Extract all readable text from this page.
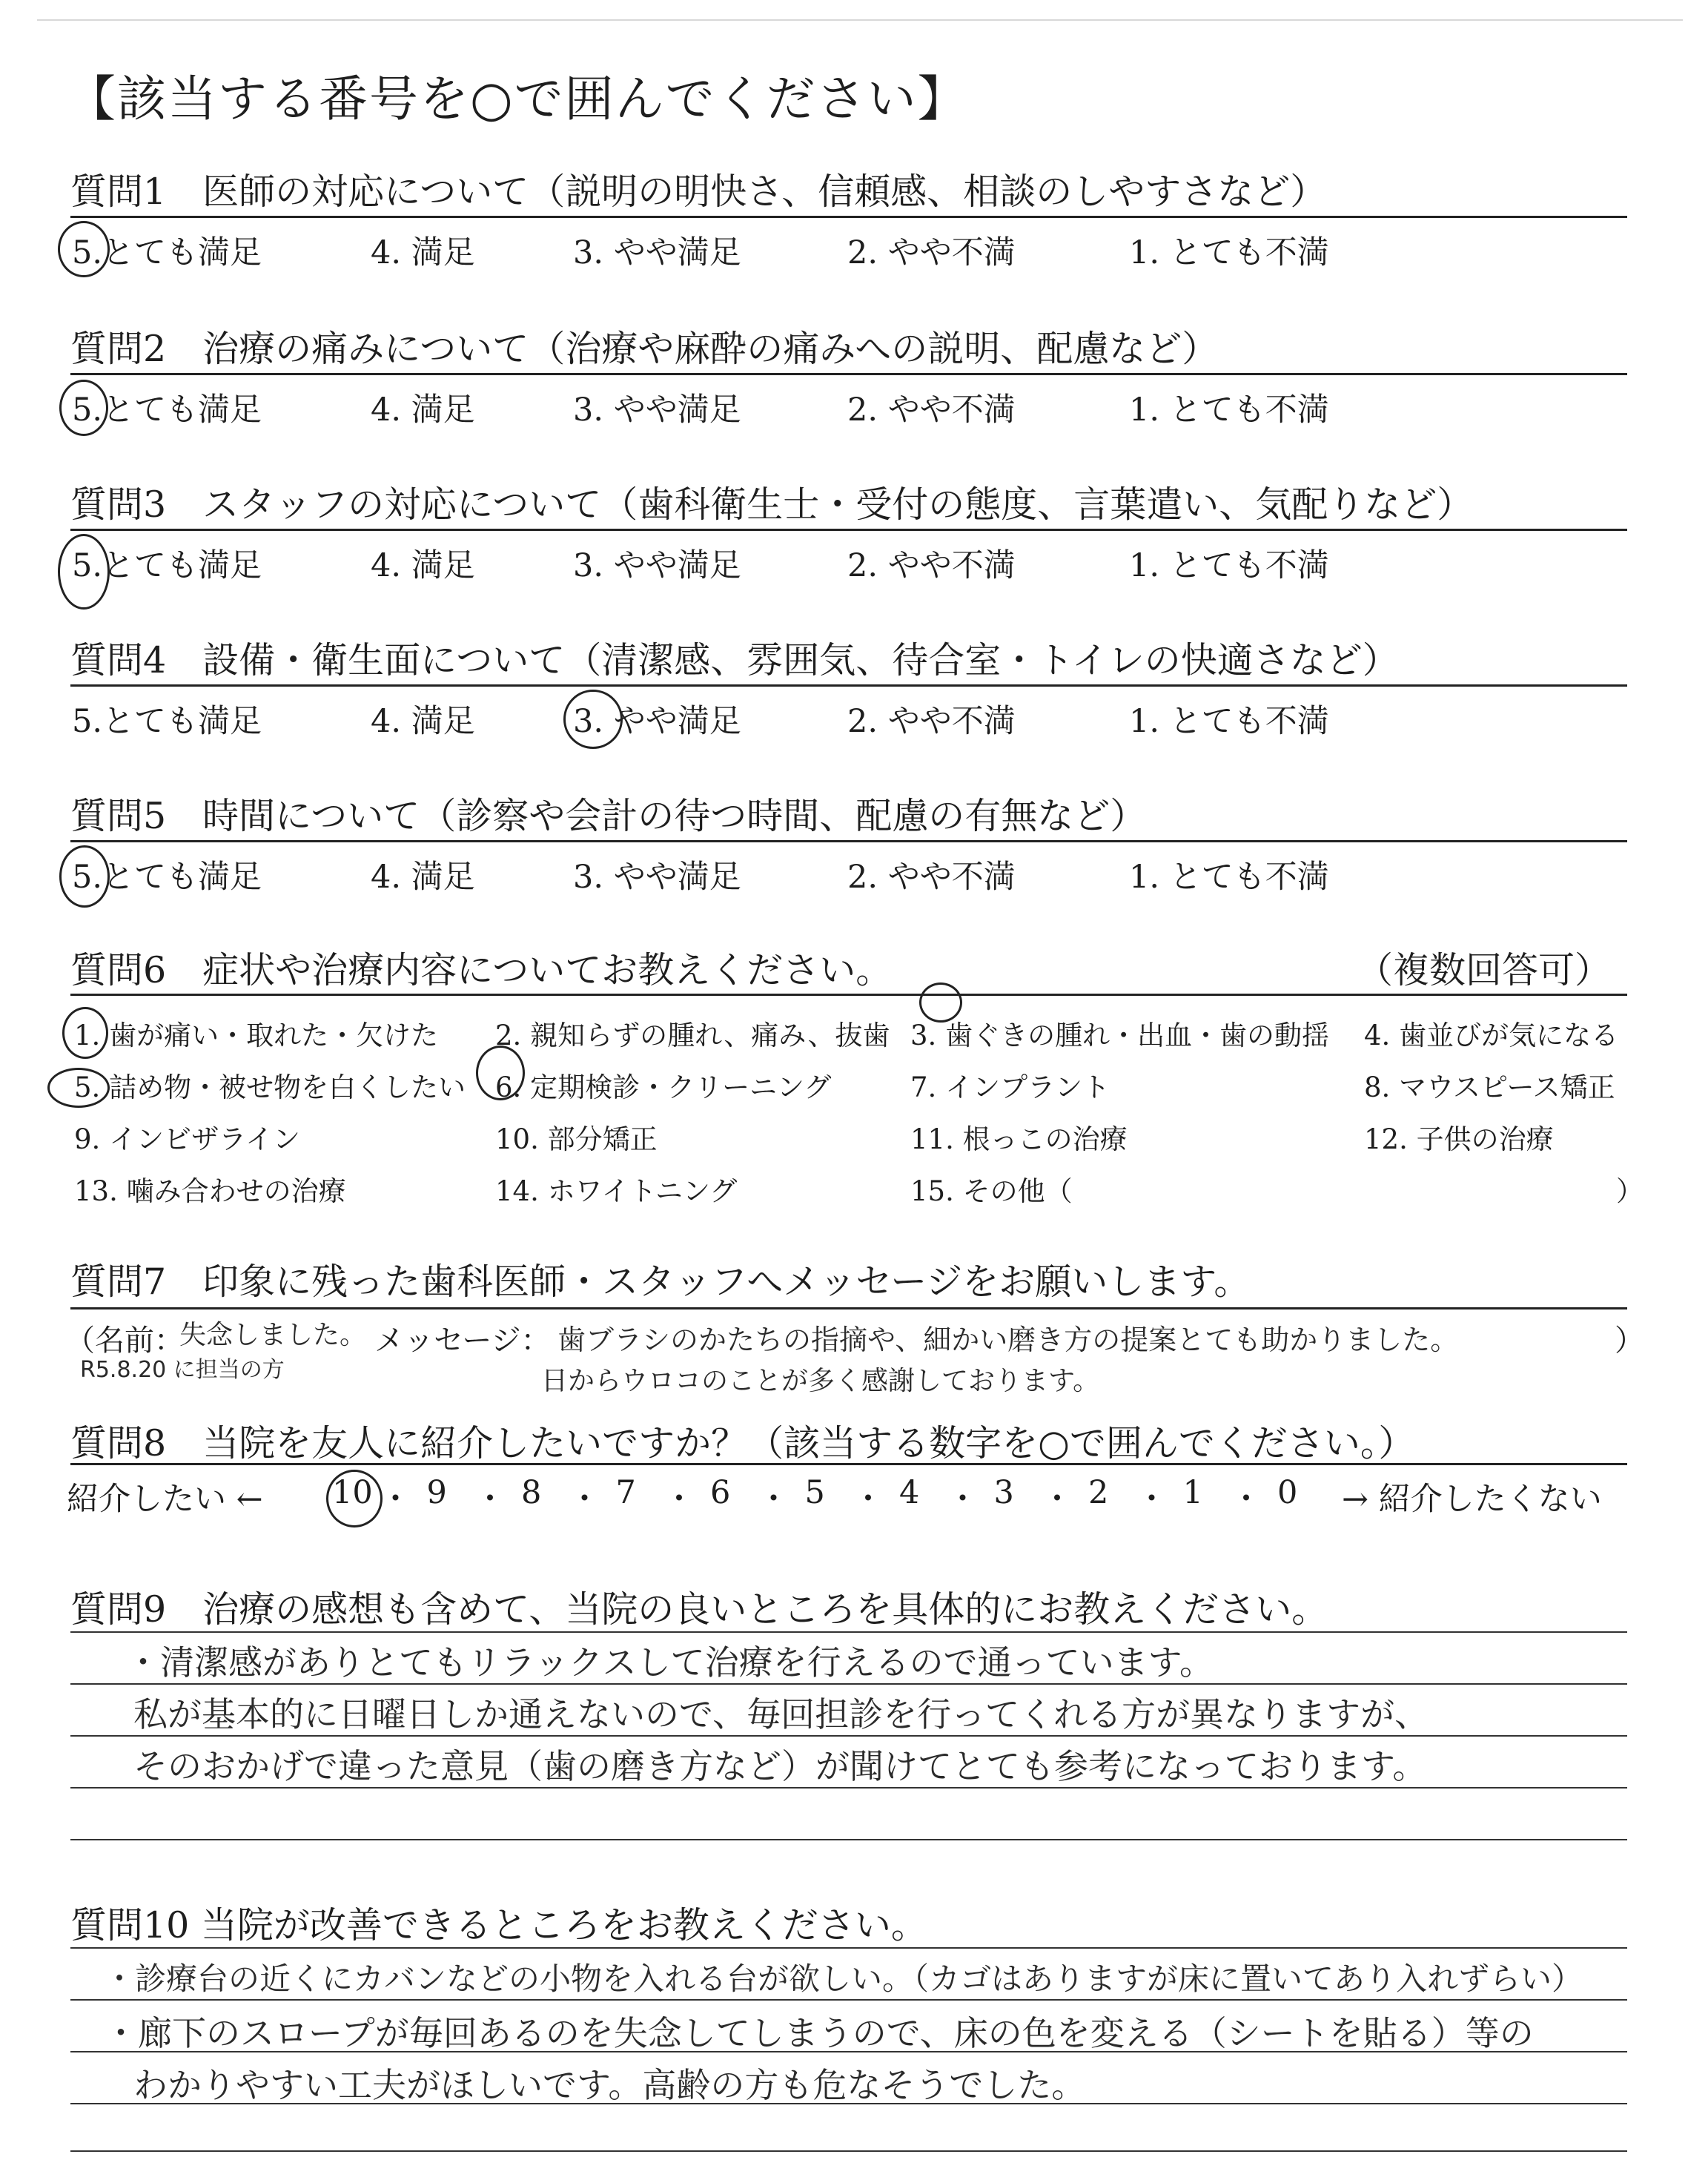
【該当する番号を○で囲んでください】
質問1　医師の対応について（説明の明快さ、信頼感、相談のしやすさなど）
5.とても満足	4. 満足	3. やや満足	2. やや不満	1. とても不満
質問2　治療の痛みについて（治療や麻酔の痛みへの説明、配慮など）
5.とても満足	4. 満足	3. やや満足	2. やや不満	1. とても不満
質問3　スタッフの対応について（歯科衛生士・受付の態度、言葉遣い、気配りなど）
5.とても満足	4. 満足	3. やや満足	2. やや不満	1. とても不満
質問4　設備・衛生面について（清潔感、雰囲気、待合室・トイレの快適さなど）
5.とても満足	4. 満足	3. やや満足	2. やや不満	1. とても不満
質問5　時間について（診察や会計の待つ時間、配慮の有無など）
5.とても満足	4. 満足	3. やや満足	2. やや不満	1. とても不満
質問6　症状や治療内容についてお教えください。	（複数回答可）
1. 歯が痛い・取れた・欠けた 2. 親知らずの腫れ、痛み、抜歯 3. 歯ぐきの腫れ・出血・歯の動揺 4. 歯並びが気になる
5. 詰め物・被せ物を白くしたい 6. 定期検診・クリーニング	7. インプラント	8. マウスピース矯正
9. インビザライン	10. 部分矯正	11. 根っこの治療	12. 子供の治療
13. 噛み合わせの治療	14. ホワイトニング	15. その他（	）
質問7　印象に残った歯科医師・スタッフへメッセージをお願いします。
（名前：
失念しました。
R5.8.20 に担当の方
メッセージ： 歯ブラシのかたちの指摘や、細かい磨き方の提案とても助かりました。
日からウロコのことが多く感謝しております。
）
質問8　当院を友人に紹介したいですか？（該当する数字を○で囲んでください。）
紹介したい ← 10 ・ 9 ・ 8 ・ 7 ・ 6 ・ 5 ・ 4 ・ 3 ・ 2 ・ 1 ・ 0 → 紹介したくない
質問9　治療の感想も含めて、当院の良いところを具体的にお教えください。
・清潔感がありとてもリラックスして治療を行えるので通っています。
私が基本的に日曜日しか通えないので、毎回担診を行ってくれる方が異なりますが、
そのおかげで違った意見（歯の磨き方など）が聞けてとても参考になっております。
質問10 当院が改善できるところをお教えください。
・診療台の近くにカバンなどの小物を入れる台が欲しい。（カゴはありますが床に置いてあり入れずらい）
・廊下のスロープが毎回あるのを失念してしまうので、床の色を変える（シートを貼る）等の
わかりやすい工夫がほしいです。高齢の方も危なそうでした。
